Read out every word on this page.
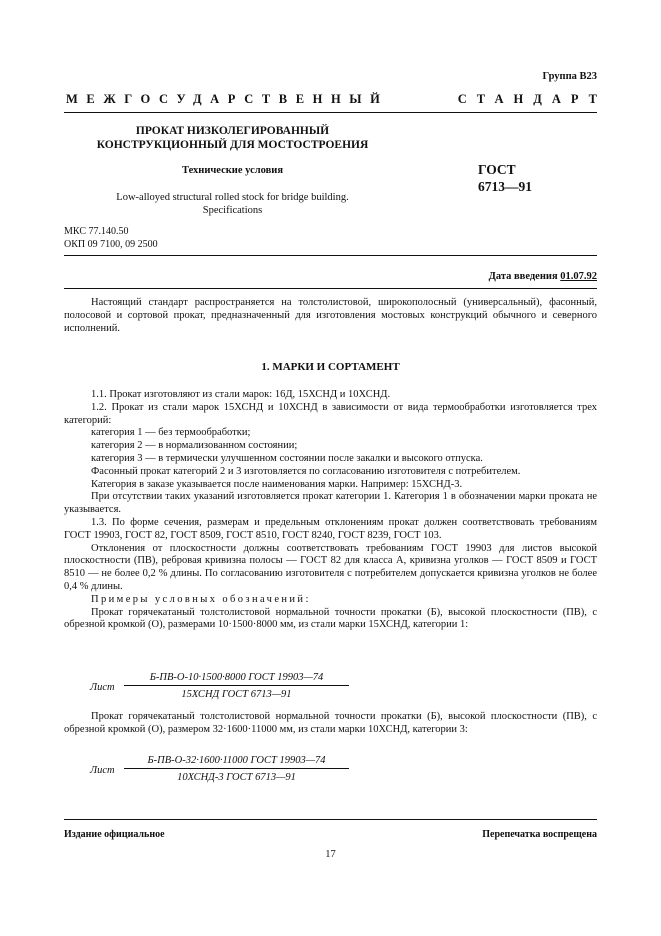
Группа В23
МЕЖГОСУДАРСТВЕННЫЙ	СТАНДАРТ
ПРОКАТ НИЗКОЛЕГИРОВАННЫЙ
КОНСТРУКЦИОННЫЙ ДЛЯ МОСТОСТРОЕНИЯ
Технические условия
Low-alloyed structural rolled stock for bridge building.
Specifications
ГОСТ
6713—91
МКС 77.140.50
ОКП 09 7100, 09 2500
Дата введения 01.07.92

Настоящий стандарт распространяется на толстолистовой, широкополосный (универсальный), фасонный, полосовой и сортовой прокат, предназначенный для изготовления мостовых конструкций обычного и северного исполнений.

1. МАРКИ И СОРТАМЕНТ

1.1. Прокат изготовляют из стали марок: 16Д, 15ХСНД и 10ХСНД.

1.2. Прокат из стали марок 15ХСНД и 10ХСНД в зависимости от вида термообработки изготовляется трех категорий:

категория 1 — без термообработки;

категория 2 — в нормализованном состоянии;

категория 3 — в термически улучшенном состоянии после закалки и высокого отпуска.

Фасонный прокат категорий 2 и 3 изготовляется по согласованию изготовителя с потребителем.

Категория в заказе указывается после наименования марки. Например: 15ХСНД-3.

При отсутствии таких указаний изготовляется прокат категории 1. Категория 1 в обозначении марки проката не указывается.

1.3. По форме сечения, размерам и предельным отклонениям прокат должен соответствовать требованиям ГОСТ 19903, ГОСТ 82, ГОСТ 8509, ГОСТ 8510, ГОСТ 8240, ГОСТ 8239, ГОСТ 103.

Отклонения от плоскостности должны соответствовать требованиям ГОСТ 19903 для листов высокой плоскостности (ПВ), ребровая кривизна полосы — ГОСТ 82 для класса А, кривизна уголков — ГОСТ 8509 и ГОСТ 8510 — не более 0,2 % длины. По согласованию изготовителя с потребителем допускается кривизна уголков не более 0,4 % длины.

Примеры условных обозначений:

Прокат горячекатаный толстолистовой нормальной точности прокатки (Б), высокой плоскостности (ПВ), с обрезной кромкой (О), размерами 10·1500·8000 мм, из стали марки 15ХСНД, категории 1:

Лист
Б-ПВ-О-10·1500·8000 ГОСТ 19903—74
15ХСНД ГОСТ 6713—91

Прокат горячекатаный толстолистовой нормальной точности прокатки (Б), высокой плоскостности (ПВ), с обрезной кромкой (О), размером 32·1600·11000 мм, из стали марки 10ХСНД, категории 3:

Лист
Б-ПВ-О-32·1600·11000 ГОСТ 19903—74
10ХСНД-3 ГОСТ 6713—91
Издание официальное	Перепечатка воспрещена
17
